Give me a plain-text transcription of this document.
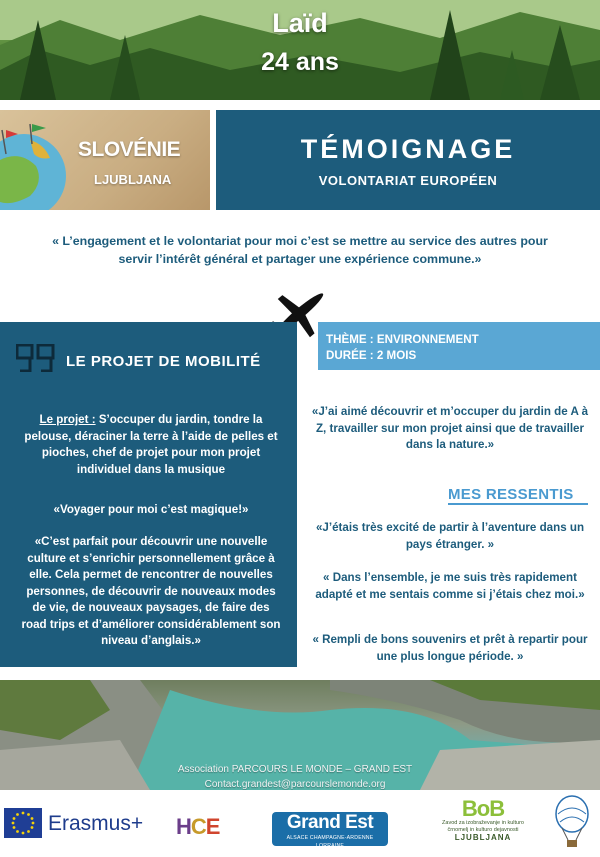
Laïd
24 ans
SLOVÉNIE
LJUBLJANA
TÉMOIGNAGE
VOLONTARIAT EUROPÉEN
« L’engagement et le volontariat pour moi c’est se mettre au service des autres pour servir l’intérêt général et partager une expérience commune.»
LE PROJET DE MOBILITÉ
Le projet : S’occuper du jardin, tondre la pelouse, déraciner la terre à l’aide de pelles et pioches, chef de projet pour mon projet individuel dans la musique
«Voyager pour moi c’est magique!»
«C’est parfait pour découvrir une nouvelle culture et s’enrichir personnellement grâce à elle. Cela permet de rencontrer de nouvelles personnes, de découvrir de nouveaux modes de vie, de nouveaux paysages, de faire des road trips et d’améliorer considérablement son niveau d’anglais.»
THÈME : ENVIRONNEMENT
DURÉE : 2 MOIS
«J’ai aimé découvrir et m’occuper du jardin de A à Z, travailler sur mon projet ainsi que de travailler dans la nature.»
MES RESSENTIS
«J’étais très excité de partir à l’aventure dans un pays étranger. »
« Dans l’ensemble, je me suis très rapidement adapté et me sentais comme si j’étais chez moi.»
« Rempli de bons souvenirs et prêt à repartir pour une plus longue période. »
Association PARCOURS LE MONDE – GRAND EST
Contact.grandest@parcourslemonde.org
Erasmus+ HCE	Grand Est
ALSACE CHAMPAGNE-ARDENNE LORRAINE
BoB
Zavod za izobraževanje in kulturo črnomelj in kulturo dejavnosti
LJUBLJANA
